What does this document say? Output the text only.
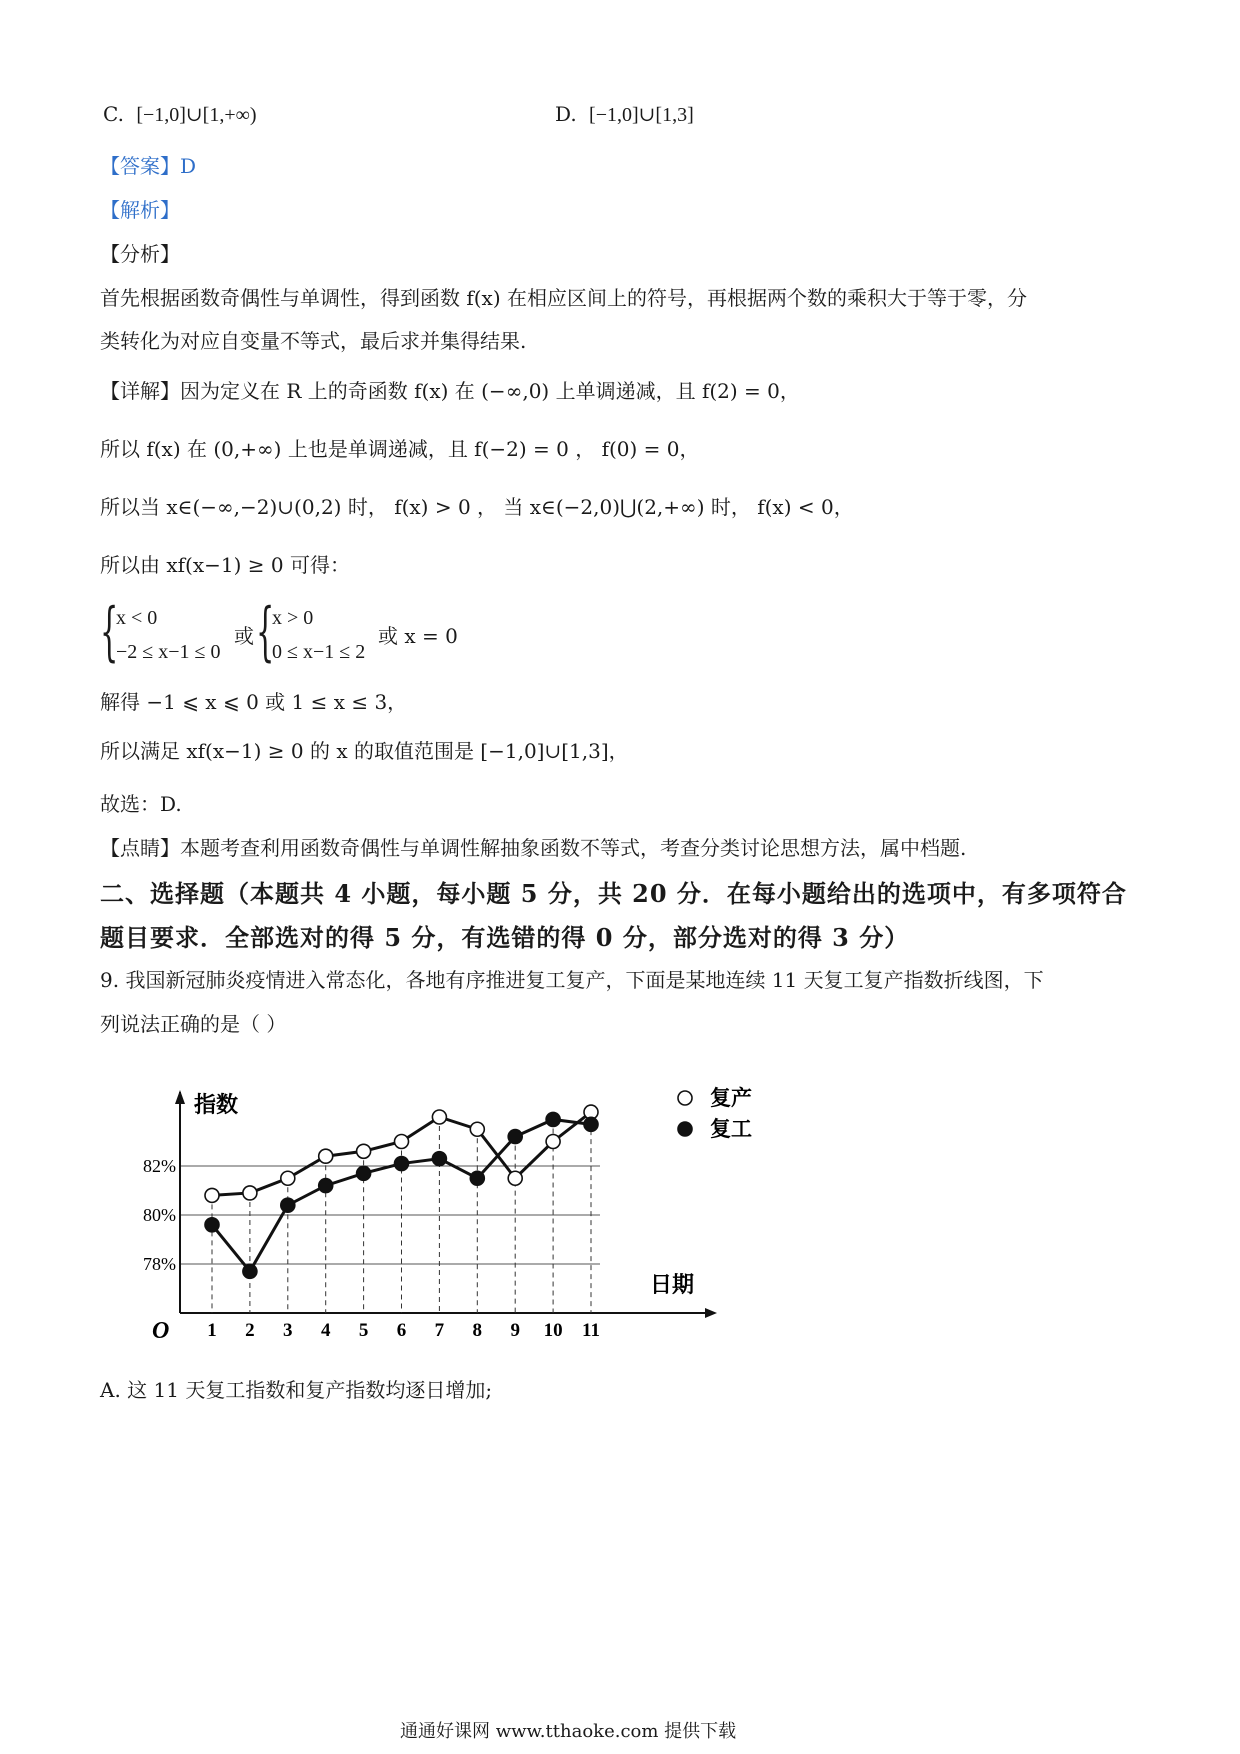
C. [−1,0]∪[1,+∞)	D. [−1,0]∪[1,3]
【答案】D
【解析】
【分析】
首先根据函数奇偶性与单调性，得到函数 f(x) 在相应区间上的符号，再根据两个数的乘积大于等于零，分
类转化为对应自变量不等式，最后求并集得结果.
【详解】因为定义在 R 上的奇函数 f(x) 在 (−∞,0) 上单调递减，且 f(2) = 0，
所以 f(x) 在 (0,+∞) 上也是单调递减，且 f(−2) = 0 ， f(0) = 0，
所以当 x∈(−∞,−2)∪(0,2) 时， f(x) > 0 ， 当 x∈(−2,0)⋃(2,+∞) 时， f(x) < 0，
所以由 xf(x−1) ≥ 0 可得：
{
x < 0
−2 ≤ x−1 ≤ 0
或 {
x > 0
0 ≤ x−1 ≤ 2
或 x = 0
解得 −1 ⩽ x ⩽ 0 或 1 ≤ x ≤ 3，
所以满足 xf(x−1) ≥ 0 的 x 的取值范围是 [−1,0]∪[1,3]，
故选：D.
【点睛】本题考查利用函数奇偶性与单调性解抽象函数不等式，考查分类讨论思想方法，属中档题.
二、选择题（本题共 4 小题，每小题 5 分，共 20 分．在每小题给出的选项中，有多项符合
题目要求．全部选对的得 5 分，有选错的得 0 分，部分选对的得 3 分）
9. 我国新冠肺炎疫情进入常态化，各地有序推进复工复产，下面是某地连续 11 天复工复产指数折线图，下
列说法正确的是（ ）
78%
80%
82%
指数
日期
O 1 2 3 4 5 6 7 8 9 10 11
复产
复工
A. 这 11 天复工指数和复产指数均逐日增加;
通通好课网 www.tthaoke.com 提供下载
